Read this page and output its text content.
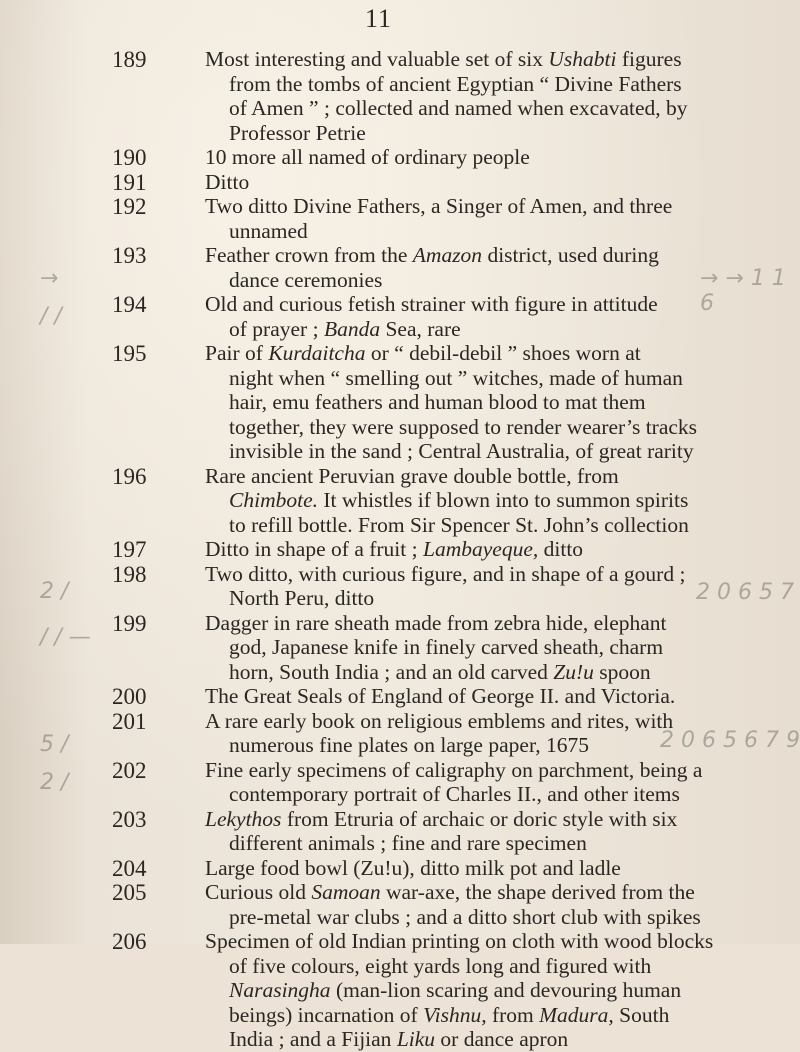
11
→
/ /
2 /
/ / —
5 /
2 /
→ → 1 1 6
2 0 6 5 7
2 0 6 5 6 7 9
189	Most interesting and valuable set of six Ushabti figures
from the tombs of ancient Egyptian “ Divine Fathers
of Amen ” ; collected and named when excavated, by
Professor Petrie
190	10 more all named of ordinary people
191	Ditto
192	Two ditto Divine Fathers, a Singer of Amen, and three
unnamed
193	Feather crown from the Amazon district, used during
dance ceremonies
194	Old and curious fetish strainer with figure in attitude
of prayer ; Banda Sea, rare
195	Pair of Kurdaitcha or “ debil-debil ” shoes worn at
night when “ smelling out ” witches, made of human
hair, emu feathers and human blood to mat them
together, they were supposed to render wearer’s tracks
invisible in the sand ; Central Australia, of great rarity
196	Rare ancient Peruvian grave double bottle, from
Chimbote. It whistles if blown into to summon spirits
to refill bottle. From Sir Spencer St. John’s collection
197	Ditto in shape of a fruit ; Lambayeque, ditto
198	Two ditto, with curious figure, and in shape of a gourd ;
North Peru, ditto
199	Dagger in rare sheath made from zebra hide, elephant
god, Japanese knife in finely carved sheath, charm
horn, South India ; and an old carved Zu!u spoon
200	The Great Seals of England of George II. and Victoria.
201	A rare early book on religious emblems and rites, with
numerous fine plates on large paper, 1675
202	Fine early specimens of caligraphy on parchment, being a
contemporary portrait of Charles II., and other items
203	Lekythos from Etruria of archaic or doric style with six
different animals ; fine and rare specimen
204	Large food bowl (Zu!u), ditto milk pot and ladle
205	Curious old Samoan war-axe, the shape derived from the
pre-metal war clubs ; and a ditto short club with spikes
206	Specimen of old Indian printing on cloth with wood blocks
of five colours, eight yards long and figured with
Narasingha (man-lion scaring and devouring human
beings) incarnation of Vishnu, from Madura, South
India ; and a Fijian Liku or dance apron
